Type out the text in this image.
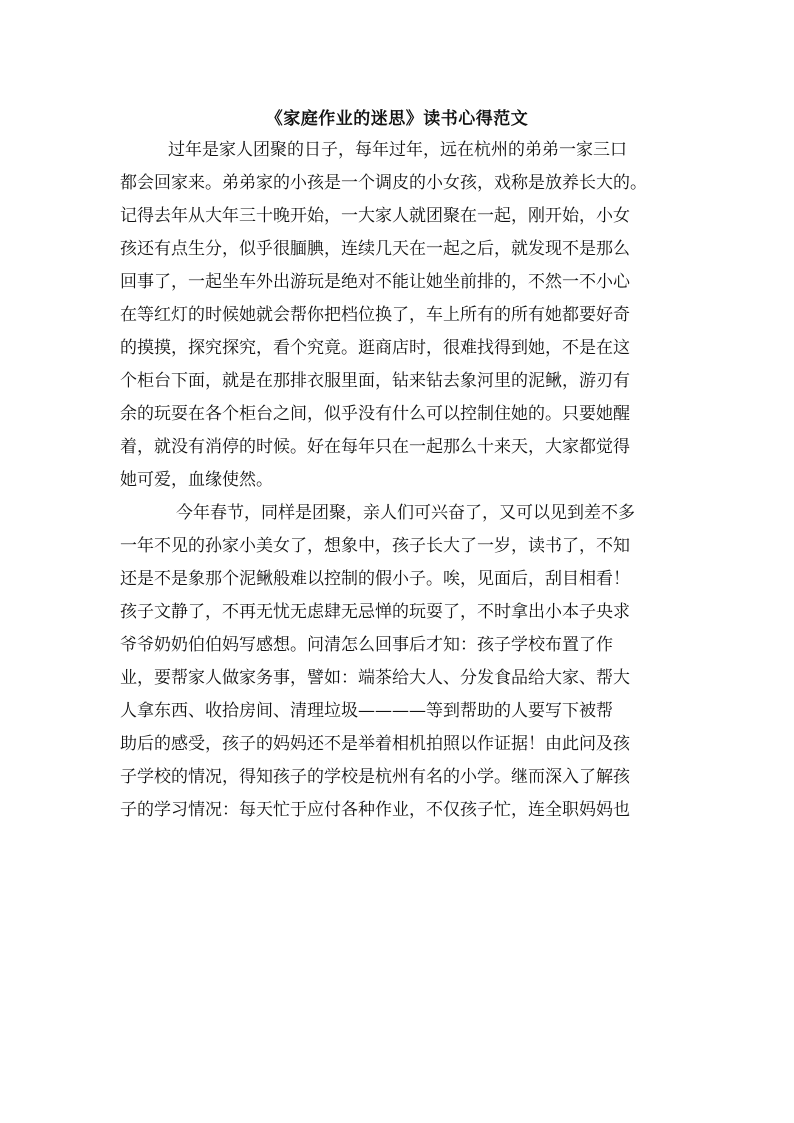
《家庭作业的迷思》读书心得范文
过年是家人团聚的日子，每年过年，远在杭州的弟弟一家三口
都会回家来。弟弟家的小孩是一个调皮的小女孩，戏称是放养长大的。
记得去年从大年三十晚开始，一大家人就团聚在一起，刚开始，小女
孩还有点生分，似乎很腼腆，连续几天在一起之后，就发现不是那么
回事了，一起坐车外出游玩是绝对不能让她坐前排的，不然一不小心
在等红灯的时候她就会帮你把档位换了，车上所有的所有她都要好奇
的摸摸，探究探究，看个究竟。逛商店时，很难找得到她，不是在这
个柜台下面，就是在那排衣服里面，钻来钻去象河里的泥鳅，游刃有
余的玩耍在各个柜台之间，似乎没有什么可以控制住她的。只要她醒
着，就没有消停的时候。好在每年只在一起那么十来天，大家都觉得
她可爱，血缘使然。
今年春节，同样是团聚，亲人们可兴奋了，又可以见到差不多
一年不见的孙家小美女了，想象中，孩子长大了一岁，读书了，不知
还是不是象那个泥鳅般难以控制的假小子。唉，见面后，刮目相看！
孩子文静了，不再无忧无虑肆无忌惮的玩耍了，不时拿出小本子央求
爷爷奶奶伯伯妈写感想。问清怎么回事后才知：孩子学校布置了作
业，要帮家人做家务事，譬如：端茶给大人、分发食品给大家、帮大
人拿东西、收拾房间、清理垃圾————等到帮助的人要写下被帮
助后的感受，孩子的妈妈还不是举着相机拍照以作证据！由此问及孩
子学校的情况，得知孩子的学校是杭州有名的小学。继而深入了解孩
子的学习情况：每天忙于应付各种作业，不仅孩子忙，连全职妈妈也
